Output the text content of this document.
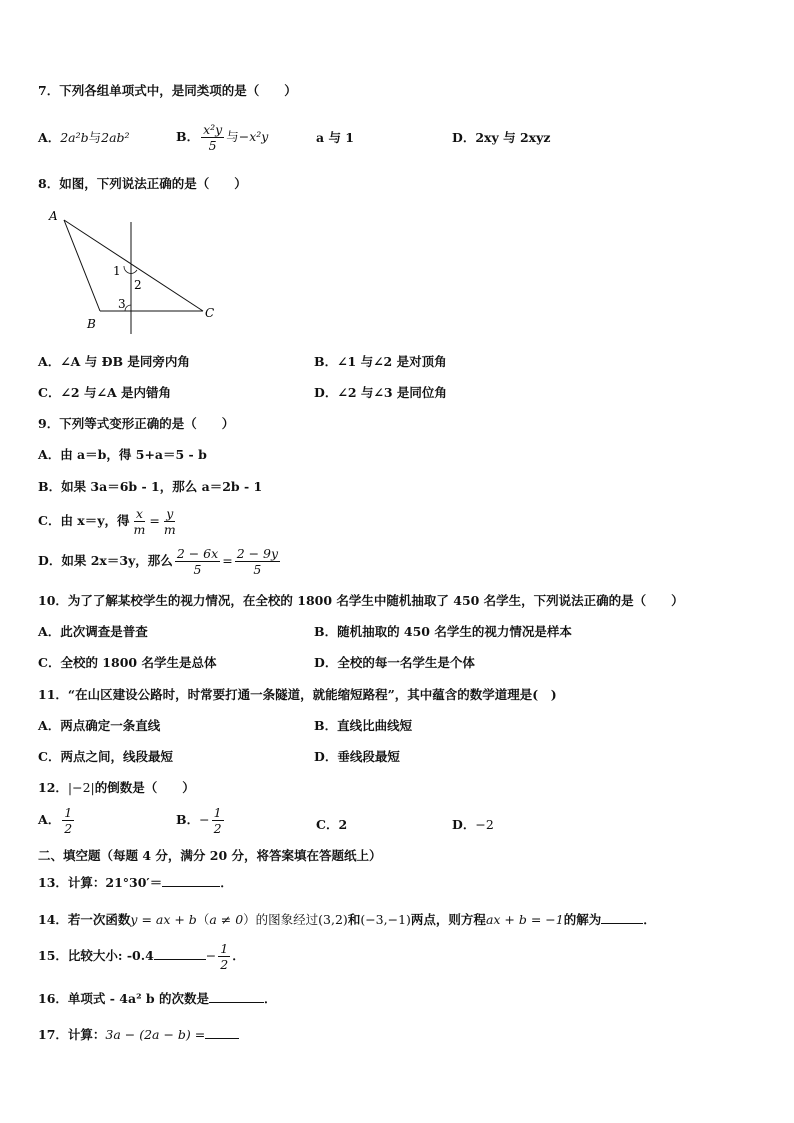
7．下列各组单项式中，是同类项的是（　　）
A．2a²b与2ab²	B． $\frac{\text{x²y}}{5}$ 与−x²y	a 与 1	D．2xy 与 2xyz
8．如图，下列说法正确的是（　　）
A
B
C
1
2
3
A．∠A 与 ÐB 是同旁内角	B．∠1 与∠2 是对顶角
C．∠2 与∠A 是内错角	D．∠2 与∠3 是同位角
9．下列等式变形正确的是（　　）
A．由 a＝b，得 5+a＝5 - b
B．如果 3a＝6b - 1，那么 a＝2b - 1
C．由 x＝y，得 $\frac{x}{m} = \frac{y}{m}$
D．如果 2x＝3y，那么 $\frac{2 - 6x}{5} = \frac{2 - 9y}{5}$
10．为了了解某校学生的视力情况，在全校的 1800 名学生中随机抽取了 450 名学生，下列说法正确的是（　　）
A．此次调查是普查	B．随机抽取的 450 名学生的视力情况是样本
C．全校的 1800 名学生是总体	D．全校的每一名学生是个体
11．“在山区建设公路时，时常要打通一条隧道，就能缩短路程”，其中蕴含的数学道理是(　)
A．两点确定一条直线	B．直线比曲线短
C．两点之间，线段最短	D．垂线段最短
12．|−2|的倒数是（　　）
A． $\frac{1}{2}$	B．− $\frac{1}{2}$	C．2	D．−2
二、填空题（每题 4 分，满分 20 分，将答案填在答题纸上）
13．计算：21°30′＝	．
14．若一次函数y = ax + b（a ≠ 0）的图象经过(3,2)和(−3,−1)两点，则方程ax + b = −1的解为	．
15．比较大小: -0.4	− $\frac{1}{2}$ ．
16．单项式 - 4a² b 的次数是	．
17．计算：3a − (2a − b) =
